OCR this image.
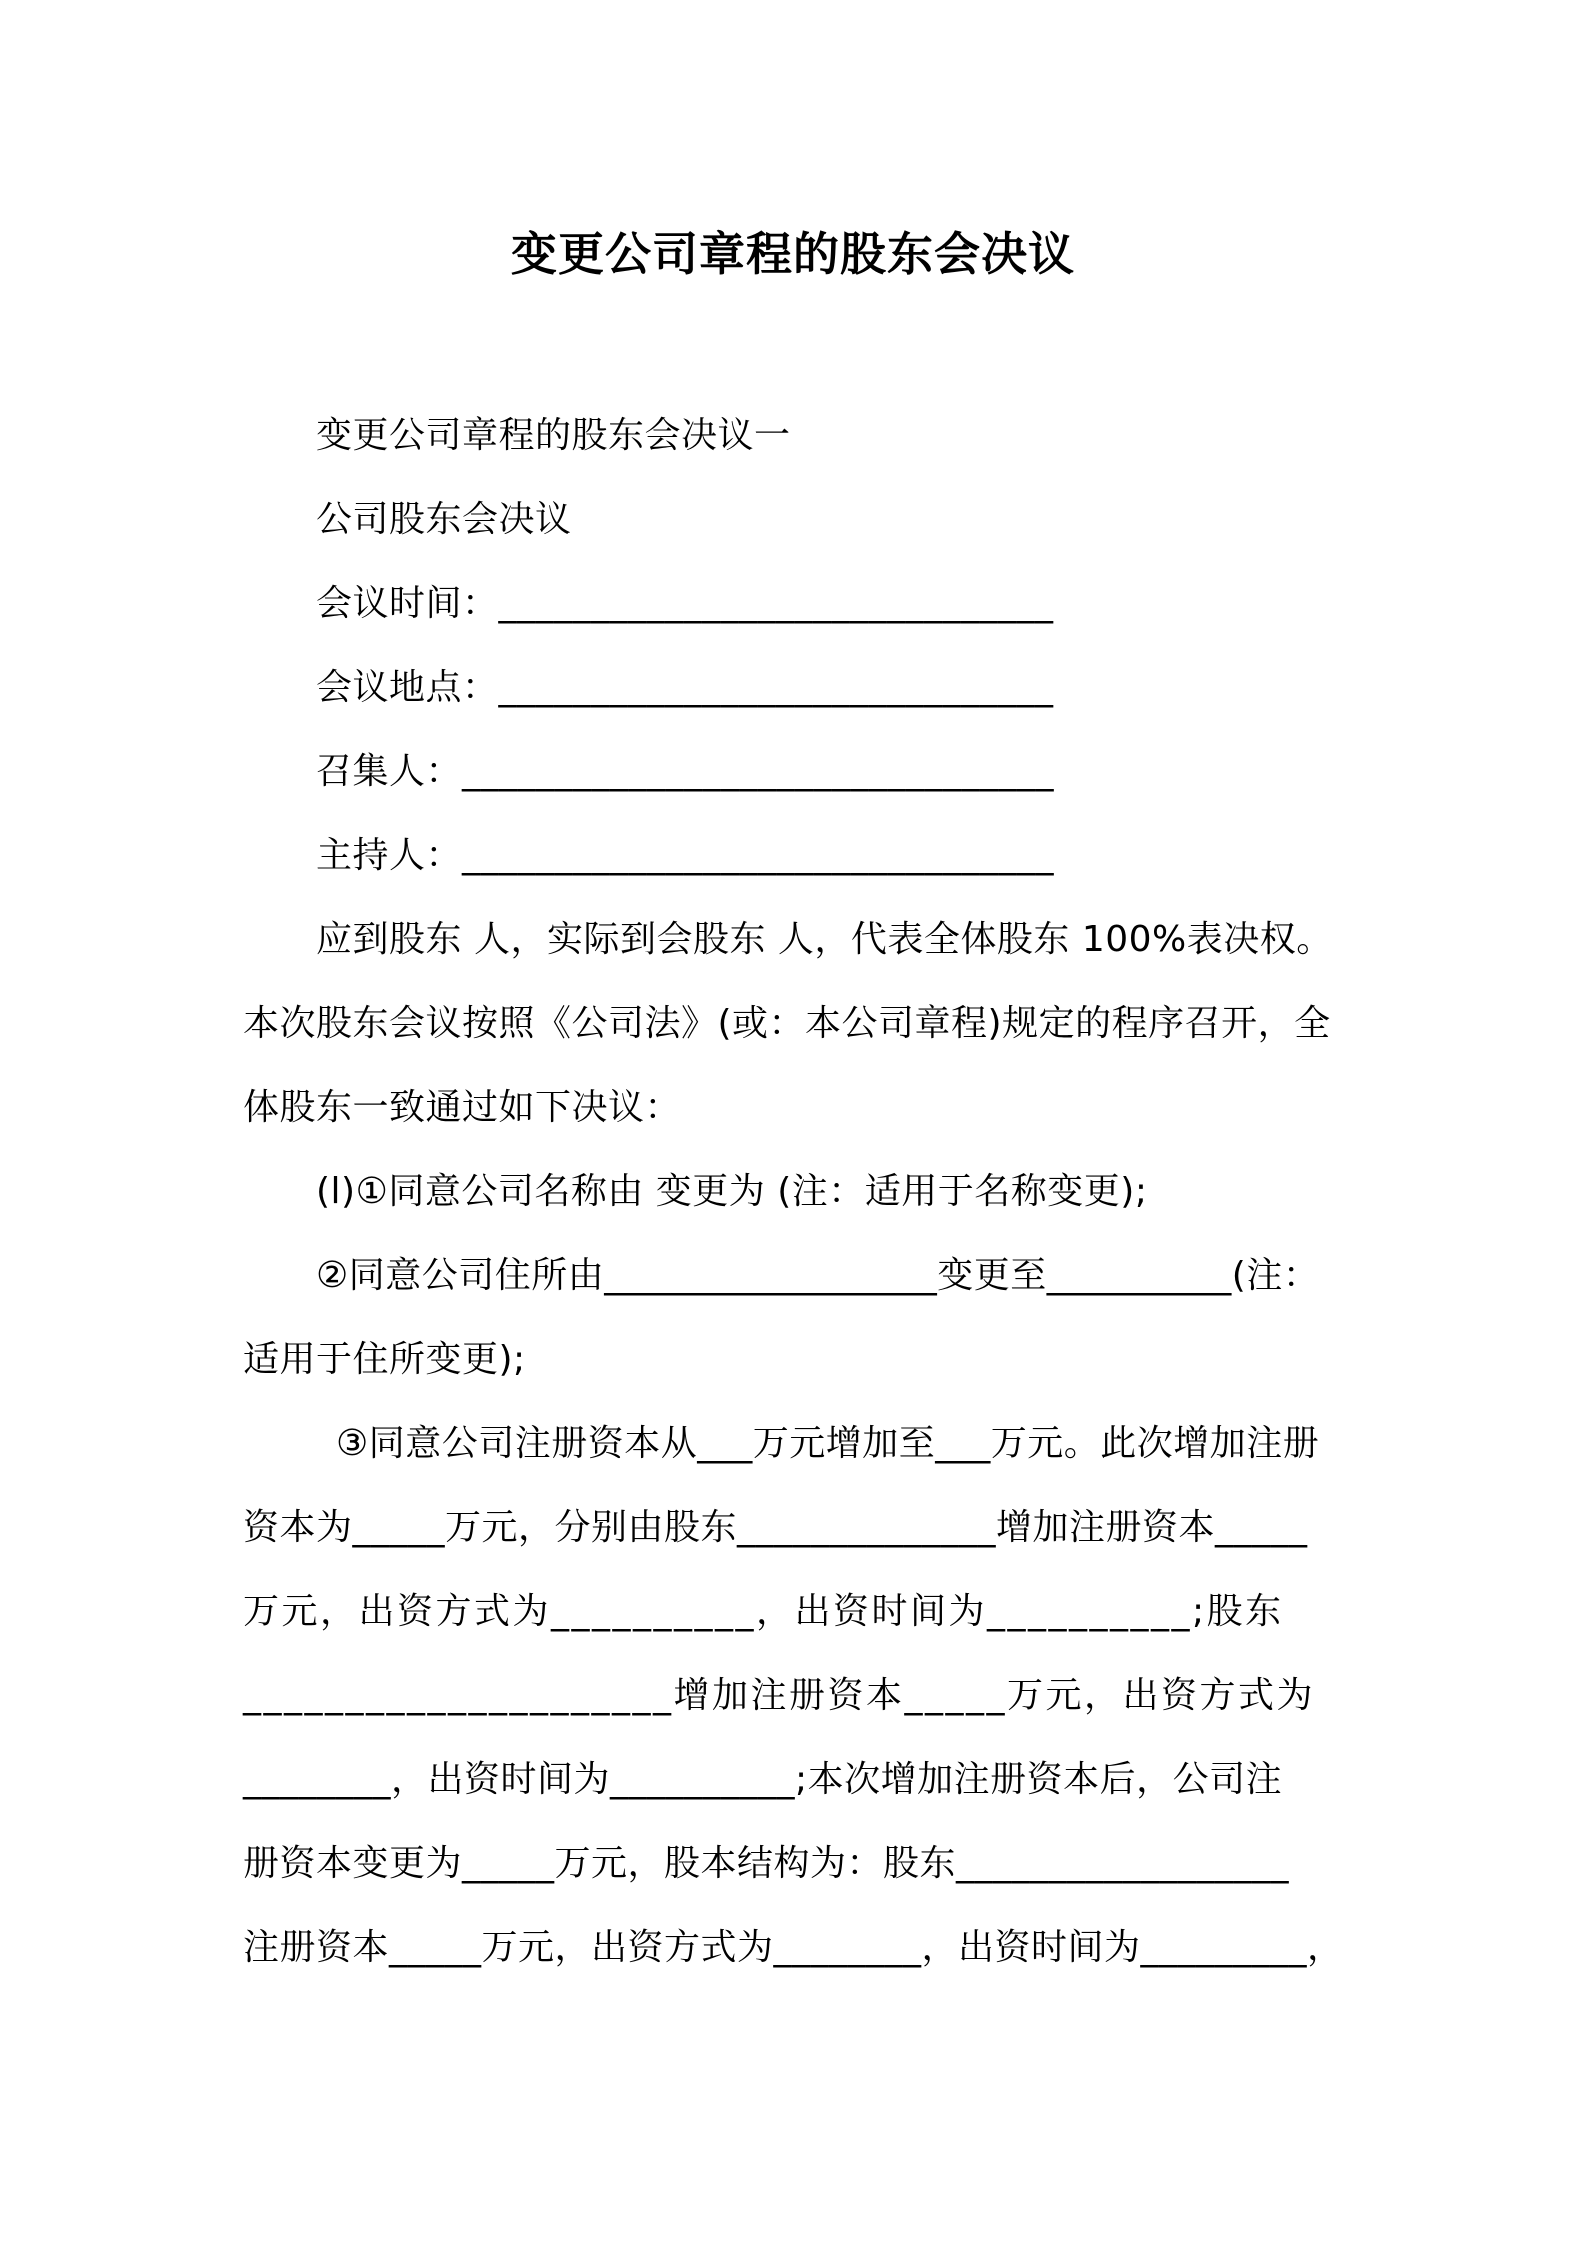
变更公司章程的股东会决议
变更公司章程的股东会决议一
公司股东会决议
会议时间：______________________________
会议地点：______________________________
召集人：________________________________
主持人：________________________________
应到股东 人，实际到会股东 人，代表全体股东 100%表决权。
本次股东会议按照《公司法》(或：本公司章程)规定的程序召开，全
体股东一致通过如下决议：
(l)①同意公司名称由 变更为 (注：适用于名称变更);
②同意公司住所由__________________变更至__________(注：
适用于住所变更);
③同意公司注册资本从___万元增加至___万元。此次增加注册
资本为_____万元，分别由股东______________增加注册资本_____
万元，出资方式为__________，出资时间为__________;股东
_____________________增加注册资本_____万元，出资方式为
________，出资时间为__________;本次增加注册资本后，公司注
册资本变更为_____万元，股本结构为：股东__________________
注册资本_____万元，出资方式为________，出资时间为_________，
